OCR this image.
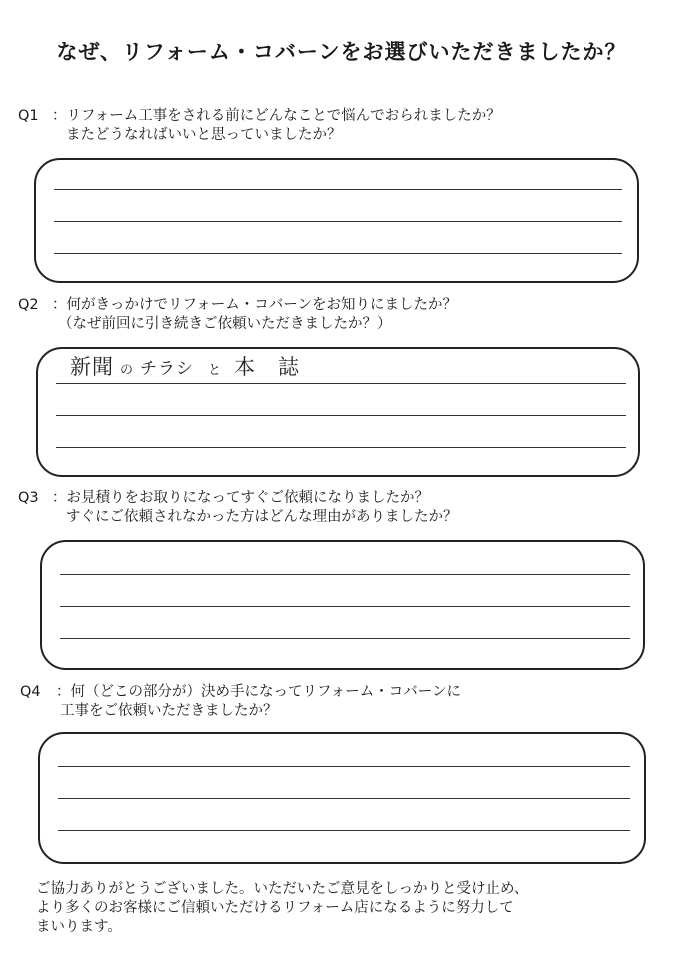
なぜ、リフォーム・コバーンをお選びいただきましたか？
Q1 ：リフォーム工事をされる前にどんなことで悩んでおられましたか？
またどうなればいいと思っていましたか？
Q2 ：何がきっかけでリフォーム・コバーンをお知りにましたか？
（なぜ前回に引き続きご依頼いただきましたか？）
新聞 の チラシ と 本　誌
Q3 ：お見積りをお取りになってすぐご依頼になりましたか？
すぐにご依頼されなかった方はどんな理由がありましたか？
Q4 ：何（どこの部分が）決め手になってリフォーム・コバーンに
工事をご依頼いただきましたか？
ご協力ありがとうございました。いただいたご意見をしっかりと受け止め、
より多くのお客様にご信頼いただけるリフォーム店になるように努力して
まいります。
